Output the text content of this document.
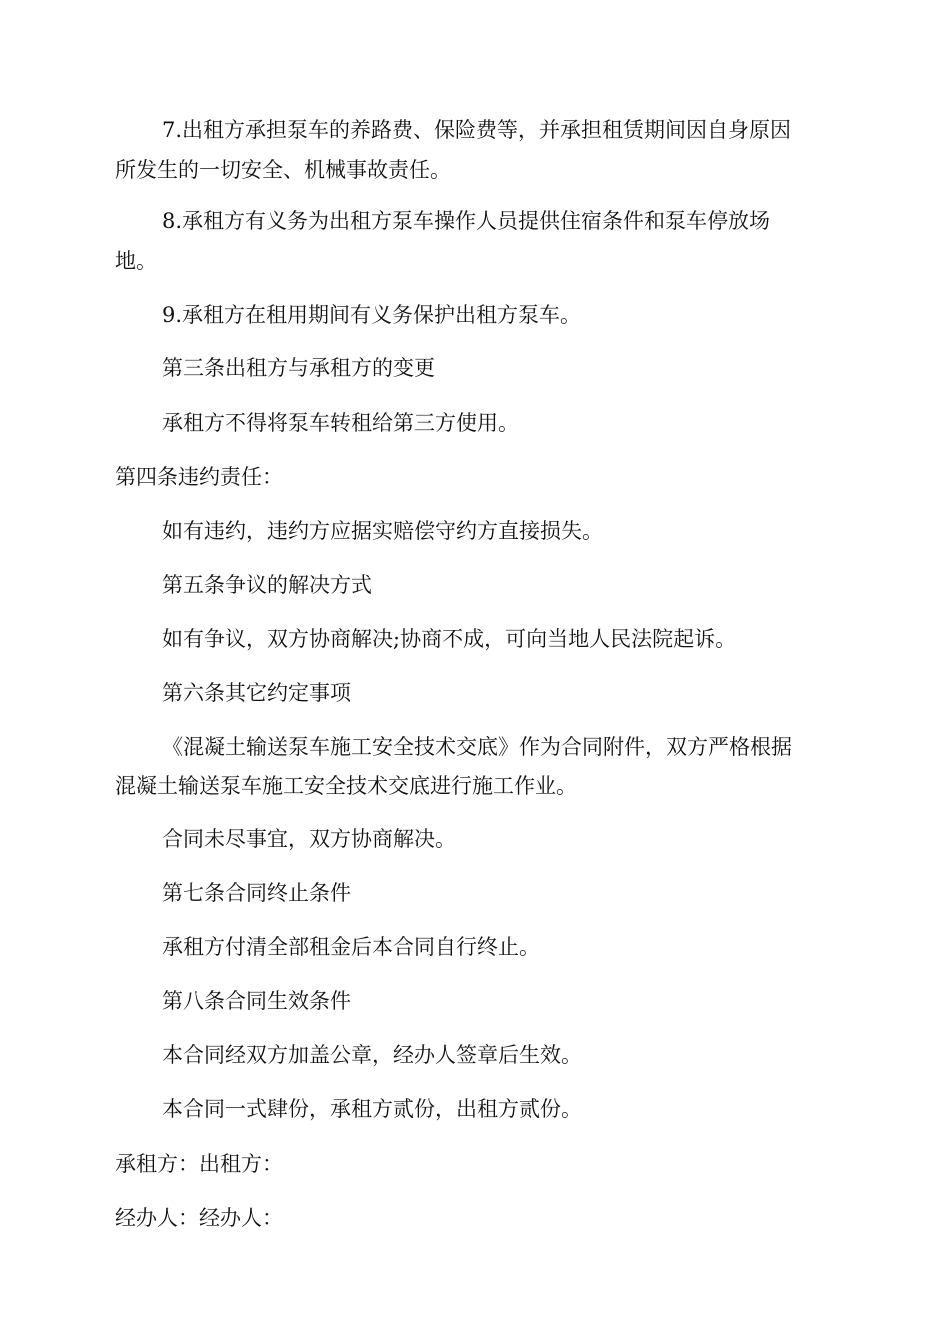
7.出租方承担泵车的养路费、保险费等，并承担租赁期间因自身原因

所发生的一切安全、机械事故责任。

8.承租方有义务为出租方泵车操作人员提供住宿条件和泵车停放场

地。

9.承租方在租用期间有义务保护出租方泵车。

第三条出租方与承租方的变更

承租方不得将泵车转租给第三方使用。

第四条违约责任：

如有违约，违约方应据实赔偿守约方直接损失。

第五条争议的解决方式

如有争议，双方协商解决;协商不成，可向当地人民法院起诉。

第六条其它约定事项

《混凝土输送泵车施工安全技术交底》作为合同附件，双方严格根据

混凝土输送泵车施工安全技术交底进行施工作业。

合同未尽事宜，双方协商解决。

第七条合同终止条件

承租方付清全部租金后本合同自行终止。

第八条合同生效条件

本合同经双方加盖公章，经办人签章后生效。

本合同一式肆份，承租方贰份，出租方贰份。

承租方：出租方：

经办人：经办人：
